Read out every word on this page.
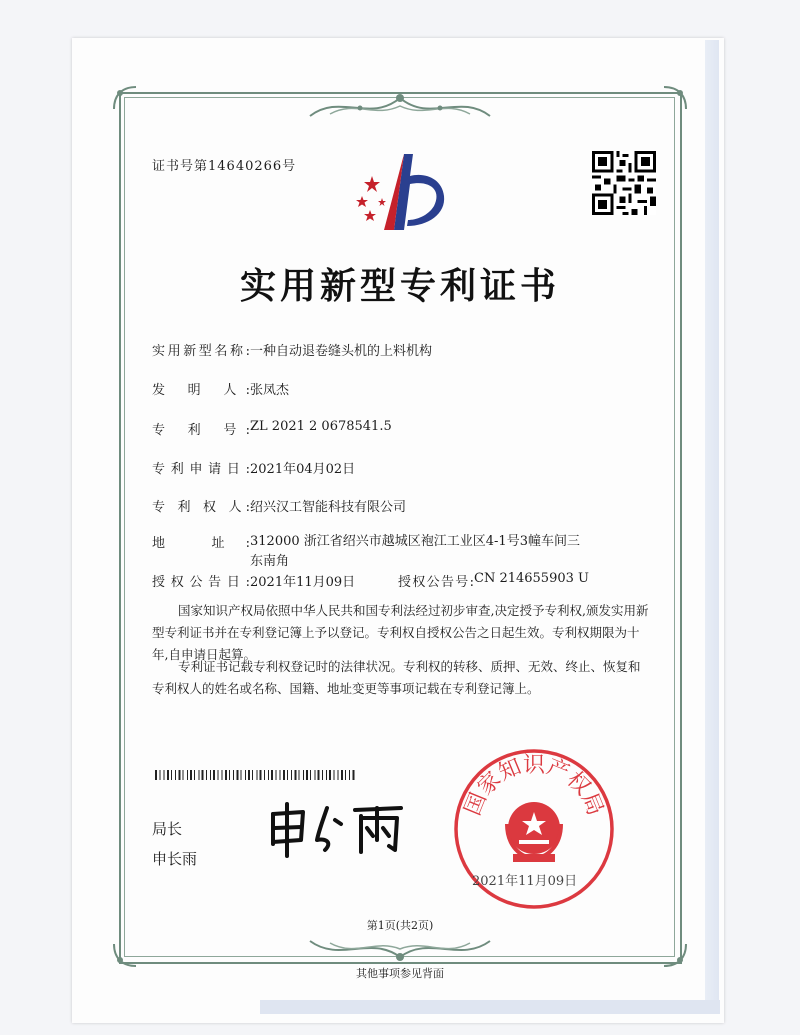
证书号第14640266号
实用新型专利证书
实用新型名称:一种自动退卷缝头机的上料机构
发 明 人:张凤杰
专 利 号:ZL 2021 2 0678541.5
专利申请日:2021年04月02日
专 利 权 人:绍兴汉工智能科技有限公司
地 址:312000 浙江省绍兴市越城区袍江工业区4-1号3幢车间三东南角
授权公告日:2021年11月09日	授权公告号:CN 214655903 U
国家知识产权局依照中华人民共和国专利法经过初步审查,决定授予专利权,颁发实用新型专利证书并在专利登记簿上予以登记。专利权自授权公告之日起生效。专利权期限为十年,自申请日起算。
专利证书记载专利权登记时的法律状况。专利权的转移、质押、无效、终止、恢复和专利权人的姓名或名称、国籍、地址变更等事项记载在专利登记簿上。
局长
申长雨
国家知识产权局
2021年11月09日
第1页(共2页)
其他事项参见背面
